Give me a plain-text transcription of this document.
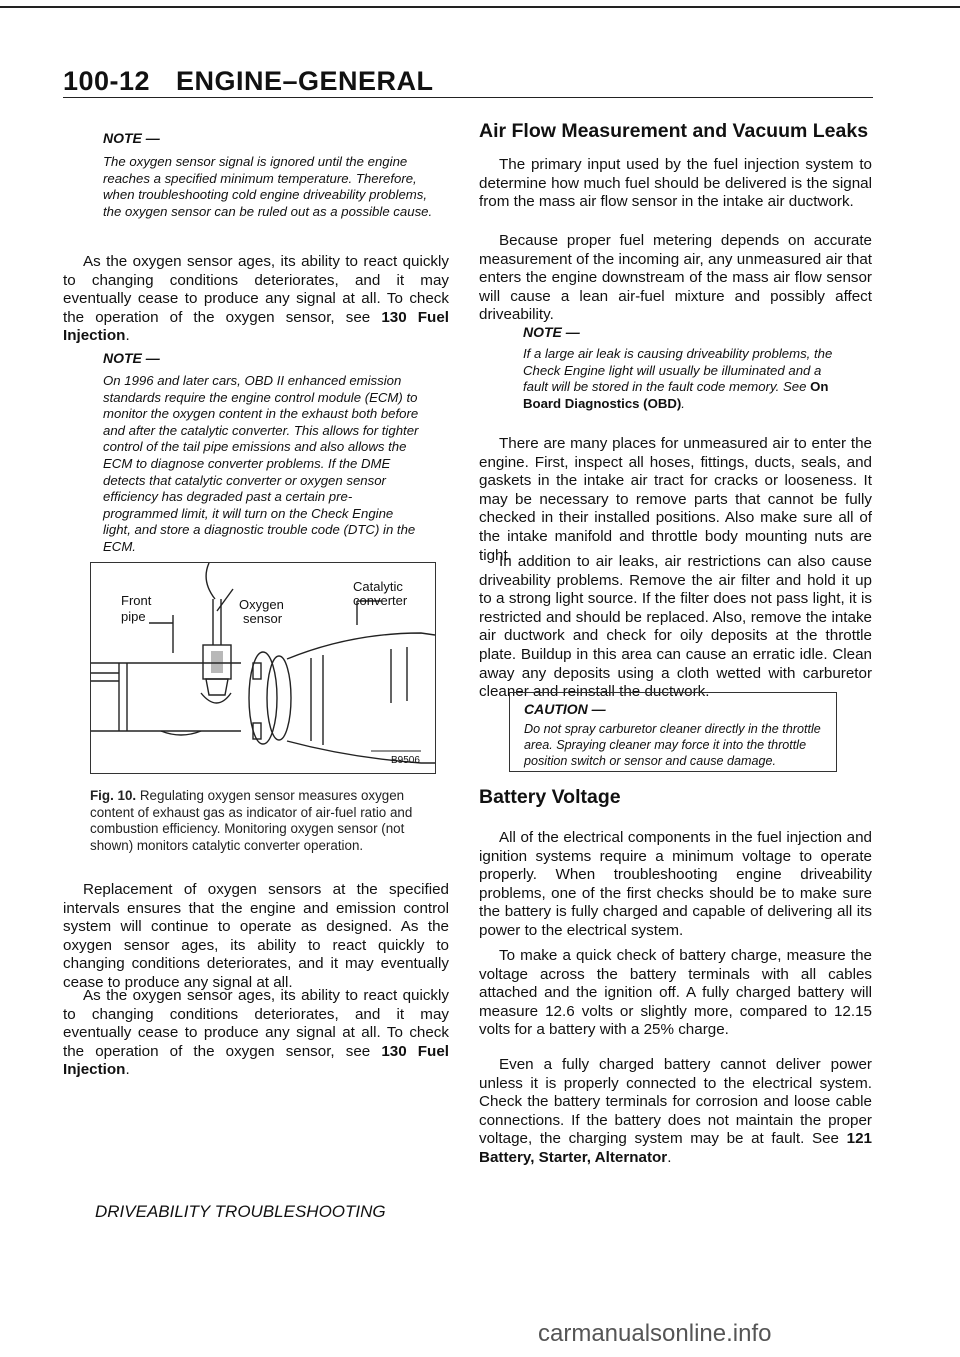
100-12 ENGINE–GENERAL
NOTE —
The oxygen sensor signal is ignored until the engine reaches a specified minimum temperature. Therefore, when troubleshooting cold engine driveability problems, the oxygen sensor can be ruled out as a possible cause.

As the oxygen sensor ages, its ability to react quickly to changing conditions deteriorates, and it may eventually cease to produce any signal at all. To check the operation of the oxygen sensor, see 130 Fuel Injection.

NOTE —
On 1996 and later cars, OBD II enhanced emission standards require the engine control module (ECM) to monitor the oxygen content in the exhaust both before and after the catalytic converter. This allows for tighter control of the tail pipe emissions and also allows the ECM to diagnose converter problems. If the DME detects that catalytic converter or oxygen sensor efficiency has degraded past a certain pre-programmed limit, it will turn on the Check Engine light, and store a diagnostic trouble code (DTC) in the ECM.
Front
pipe
Oxygen
sensor
Catalytic
converter
B9506
Fig. 10. Regulating oxygen sensor measures oxygen content of exhaust gas as indicator of air-fuel ratio and combustion efficiency. Monitoring oxygen sensor (not shown) monitors catalytic converter operation.

Replacement of oxygen sensors at the specified intervals ensures that the engine and emission control system will continue to operate as designed. As the oxygen sensor ages, its ability to react quickly to changing conditions deteriorates, and it may eventually cease to produce any signal at all.

As the oxygen sensor ages, its ability to react quickly to changing conditions deteriorates, and it may eventually cease to produce any signal at all. To check the operation of the oxygen sensor, see 130 Fuel Injection.

Air Flow Measurement and Vacuum Leaks

The primary input used by the fuel injection system to determine how much fuel should be delivered is the signal from the mass air flow sensor in the intake air ductwork.

Because proper fuel metering depends on accurate measurement of the incoming air, any unmeasured air that enters the engine downstream of the mass air flow sensor will cause a lean air-fuel mixture and possibly affect driveability.

NOTE —
If a large air leak is causing driveability problems, the Check Engine light will usually be illuminated and a fault will be stored in the fault code memory. See On Board Diagnostics (OBD).

There are many places for unmeasured air to enter the engine. First, inspect all hoses, fittings, ducts, seals, and gaskets in the intake air tract for cracks or looseness. It may be necessary to remove parts that cannot be fully checked in their installed positions. Also make sure all of the intake manifold and throttle body mounting nuts are tight.

In addition to air leaks, air restrictions can also cause driveability problems. Remove the air filter and hold it up to a strong light source. If the filter does not pass light, it is restricted and should be replaced. Also, remove the intake air ductwork and check for oily deposits at the throttle plate. Buildup in this area can cause an erratic idle. Clean away any deposits using a cloth wetted with carburetor cleaner and reinstall the ductwork.

CAUTION —
Do not spray carburetor cleaner directly in the throttle area. Spraying cleaner may force it into the throttle position switch or sensor and cause damage.
Battery Voltage

All of the electrical components in the fuel injection and ignition systems require a minimum voltage to operate properly. When troubleshooting engine driveability problems, one of the first checks should be to make sure the battery is fully charged and capable of delivering all its power to the electrical system.

To make a quick check of battery charge, measure the voltage across the battery terminals with all cables attached and the ignition off. A fully charged battery will measure 12.6 volts or slightly more, compared to 12.15 volts for a battery with a 25% charge.

Even a fully charged battery cannot deliver power unless it is properly connected to the electrical system. Check the battery terminals for corrosion and loose cable connections. If the battery does not maintain the proper voltage, the charging system may be at fault. See 121 Battery, Starter, Alternator.

DRIVEABILITY TROUBLESHOOTING
carmanualsonline.info
